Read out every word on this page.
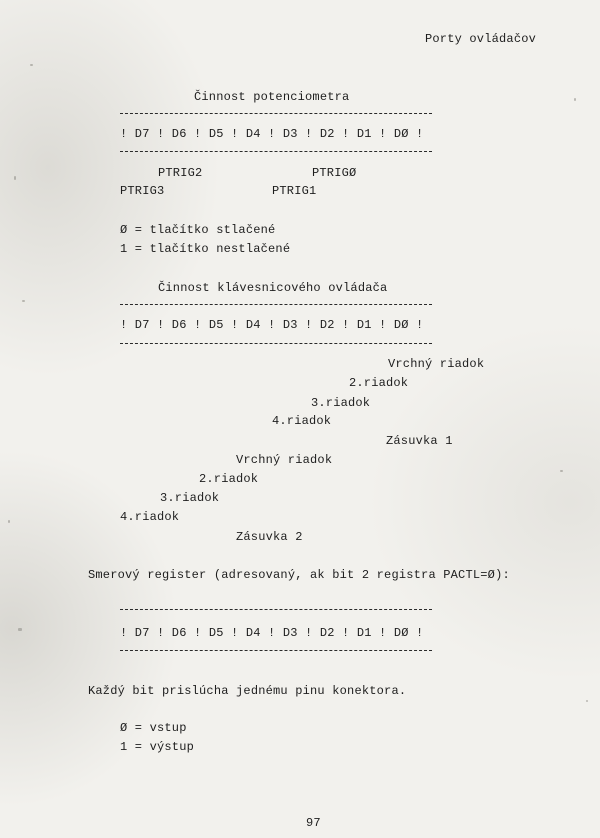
Porty ovládačov
Činnost potenciometra
! D7 ! D6 ! D5 ! D4 ! D3 ! D2 ! D1 ! DØ !
PTRIG2	PTRIGØ
PTRIG3	PTRIG1
Ø = tlačítko stlačené
1 = tlačítko nestlačené
Činnost klávesnicového ovládača
! D7 ! D6 ! D5 ! D4 ! D3 ! D2 ! D1 ! DØ !
Vrchný riadok
2.riadok
3.riadok
4.riadok
Zásuvka 1
Vrchný riadok
2.riadok
3.riadok
4.riadok
Zásuvka 2
Smerový register (adresovaný, ak bit 2 registra PACTL=Ø):
! D7 ! D6 ! D5 ! D4 ! D3 ! D2 ! D1 ! DØ !
Každý bit prislúcha jednému pinu konektora.
Ø = vstup
1 = výstup
97
